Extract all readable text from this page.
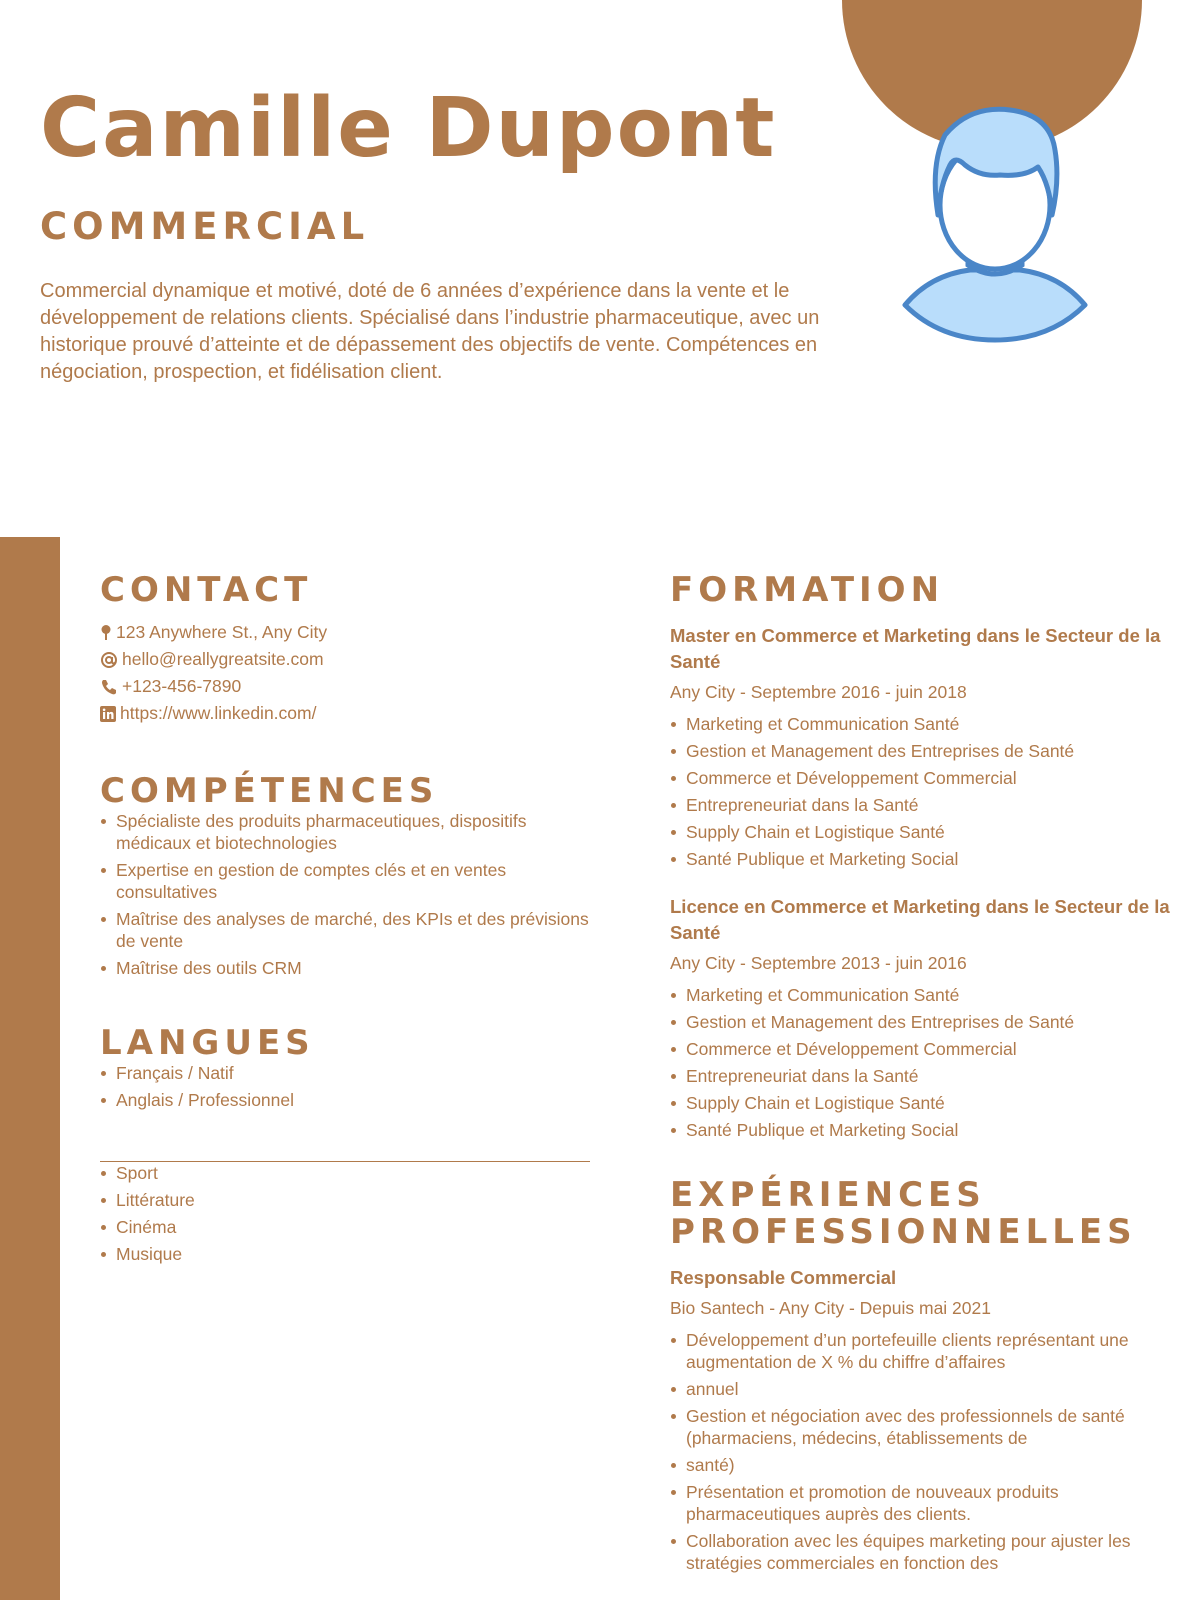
Camille Dupont
COMMERCIAL

Commercial dynamique et motivé, doté de 6 années d’expérience dans la vente et le développement de relations clients. Spécialisé dans l’industrie pharmaceutique, avec un historique prouvé d’atteinte et de dépassement des objectifs de vente. Compétences en négociation, prospection, et fidélisation client.

CONTACT

123 Anywhere St., Any City

hello@reallygreatsite.com

+123-456-7890

https://www.linkedin.com/

COMPÉTENCES
Spécialiste des produits pharmaceutiques, dispositifs médicaux et biotechnologies
Expertise en gestion de comptes clés et en ventes consultatives
Maîtrise des analyses de marché, des KPIs et des prévisions de vente
Maîtrise des outils CRM
LANGUES
Français / Natif
Anglais / Professionnel
Sport
Littérature
Cinéma
Musique
FORMATION

Master en Commerce et Marketing dans le Secteur de la Santé

Any City - Septembre 2016 - juin 2018

Marketing et Communication Santé
Gestion et Management des Entreprises de Santé
Commerce et Développement Commercial
Entrepreneuriat dans la Santé
Supply Chain et Logistique Santé
Santé Publique et Marketing Social

Licence en Commerce et Marketing dans le Secteur de la Santé

Any City - Septembre 2013 - juin 2016

Marketing et Communication Santé
Gestion et Management des Entreprises de Santé
Commerce et Développement Commercial
Entrepreneuriat dans la Santé
Supply Chain et Logistique Santé
Santé Publique et Marketing Social
EXPÉRIENCES
PROFESSIONNELLES

Responsable Commercial

Bio Santech - Any City - Depuis mai 2021

Développement d’un portefeuille clients représentant une augmentation de X % du chiffre d’affaires
annuel
Gestion et négociation avec des professionnels de santé (pharmaciens, médecins, établissements de
santé)
Présentation et promotion de nouveaux produits pharmaceutiques auprès des clients.
Collaboration avec les équipes marketing pour ajuster les stratégies commerciales en fonction des
